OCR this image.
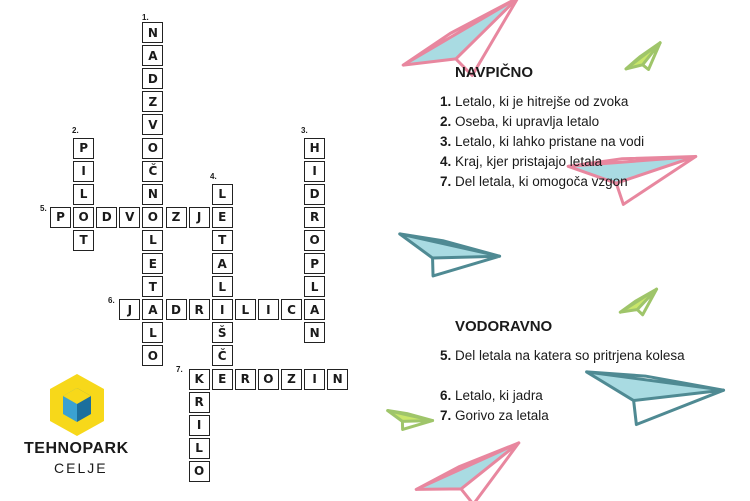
N
A
D
Z
V
O
Č
N
O
L
E
T
A
L
O
1.
P
I
L
O
T
2.
H
I
D
R
O
P
L
A
N
3.
L
E
T
A
L
I
Š
Č
E
4.
P	D	V	Z	J
5.
J	D	R	L	I	C
6.
K	R	O	Z	I	N
7.
R
I
L
O
NAVPIČNO
1. Letalo, ki je hitrejše od zvoka
2. Oseba, ki upravlja letalo
3. Letalo, ki lahko pristane na vodi
4. Kraj, kjer pristajajo letala
7. Del letala, ki omogoča vzgon
VODORAVNO
5. Del letala na katera so pritrjena kolesa
6. Letalo, ki jadra
7. Gorivo za letala
TEHNOPARK
CELJE
